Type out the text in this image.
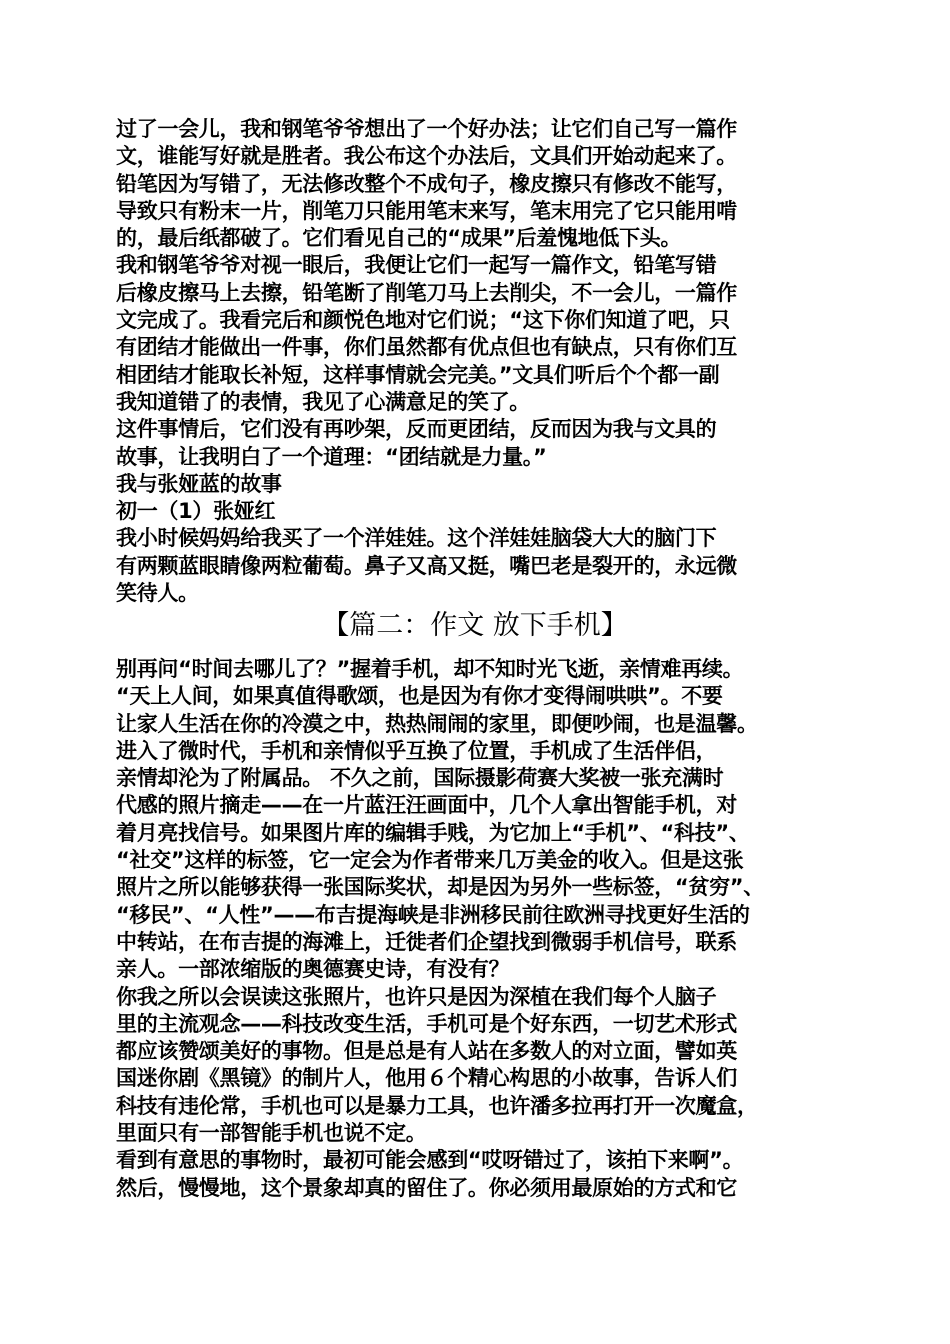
过了一会儿，我和钢笔爷爷想出了一个好办法；让它们自己写一篇作
文，谁能写好就是胜者。我公布这个办法后，文具们开始动起来了。
铅笔因为写错了，无法修改整个不成句子，橡皮擦只有修改不能写，
导致只有粉末一片，削笔刀只能用笔末来写，笔末用完了它只能用啃
的，最后纸都破了。它们看见自己的“成果”后羞愧地低下头。
我和钢笔爷爷对视一眼后，我便让它们一起写一篇作文，铅笔写错
后橡皮擦马上去擦，铅笔断了削笔刀马上去削尖，不一会儿，一篇作
文完成了。我看完后和颜悦色地对它们说；“这下你们知道了吧，只
有团结才能做出一件事，你们虽然都有优点但也有缺点，只有你们互
相团结才能取长补短，这样事情就会完美。”文具们听后个个都一副
我知道错了的表情，我见了心满意足的笑了。
这件事情后，它们没有再吵架，反而更团结，反而因为我与文具的
故事，让我明白了一个道理：“团结就是力量。”
我与张娅蓝的故事
初一（1）张娅红
我小时候妈妈给我买了一个洋娃娃。这个洋娃娃脑袋大大的脑门下
有两颗蓝眼睛像两粒葡萄。鼻子又高又挺，嘴巴老是裂开的，永远微
笑待人。
【篇二：作文 放下手机】
别再问“时间去哪儿了？”握着手机，却不知时光飞逝，亲情难再续。
“天上人间，如果真值得歌颂，也是因为有你才变得闹哄哄”。不要
让家人生活在你的冷漠之中，热热闹闹的家里，即便吵闹，也是温馨。
进入了微时代，手机和亲情似乎互换了位置，手机成了生活伴侣，
亲情却沦为了附属品。 不久之前，国际摄影荷赛大奖被一张充满时
代感的照片摘走——在一片蓝汪汪画面中，几个人拿出智能手机，对
着月亮找信号。如果图片库的编辑手贱，为它加上“手机”、“科技”、
“社交”这样的标签，它一定会为作者带来几万美金的收入。但是这张
照片之所以能够获得一张国际奖状，却是因为另外一些标签，“贫穷”、
“移民”、“人性”——布吉提海峡是非洲移民前往欧洲寻找更好生活的
中转站，在布吉提的海滩上，迁徙者们企望找到微弱手机信号，联系
亲人。一部浓缩版的奥德赛史诗，有没有？
你我之所以会误读这张照片，也许只是因为深植在我们每个人脑子
里的主流观念——科技改变生活，手机可是个好东西，一切艺术形式
都应该赞颂美好的事物。但是总是有人站在多数人的对立面，譬如英
国迷你剧《黑镜》的制片人，他用６个精心构思的小故事，告诉人们
科技有违伦常，手机也可以是暴力工具，也许潘多拉再打开一次魔盒，
里面只有一部智能手机也说不定。
看到有意思的事物时，最初可能会感到“哎呀错过了，该拍下来啊”。
然后，慢慢地，这个景象却真的留住了。你必须用最原始的方式和它
